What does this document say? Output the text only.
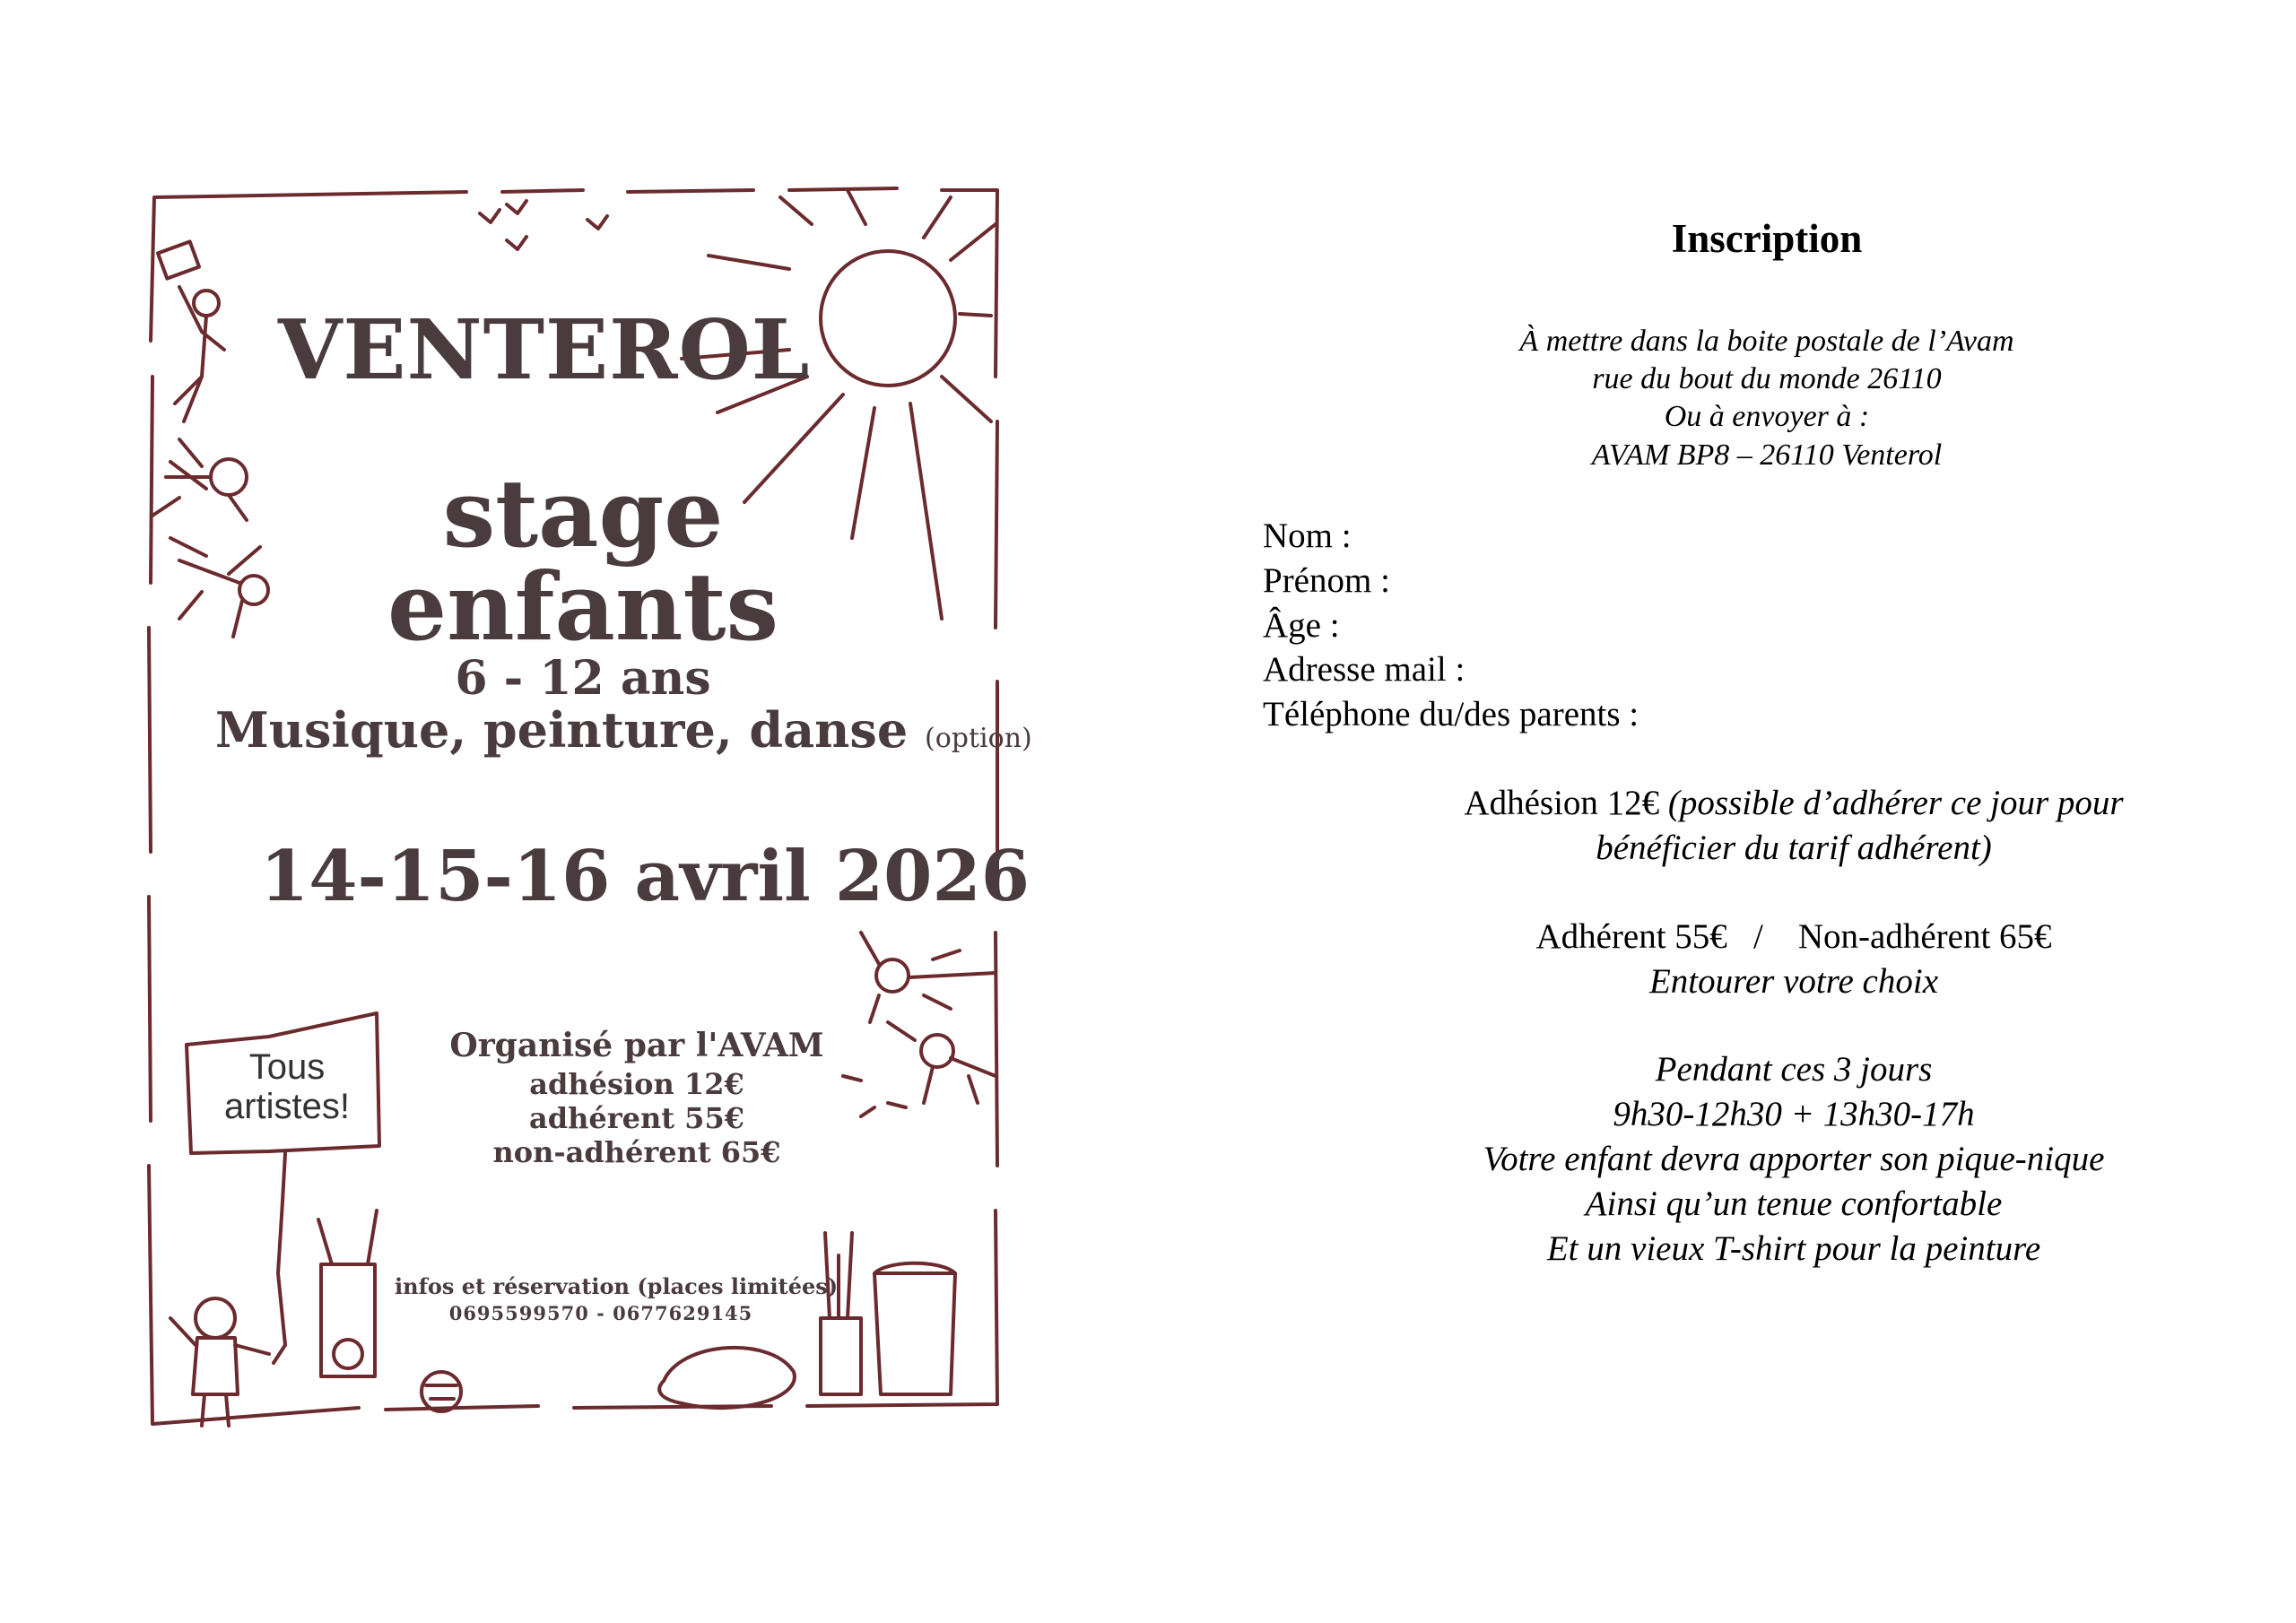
VENTEROL
stage
enfants
6 - 12 ans
Musique, peinture, danse (option)
14-15-16 avril 2026
Tous artistes!
Organisé par l'AVAM
adhésion 12€
adhérent 55€
non-adhérent 65€
infos et réservation (places limitées)
0695599570 - 0677629145
Inscription
À mettre dans la boite postale de l’Avam
rue du bout du monde 26110
Ou à envoyer à :
AVAM BP8 – 26110 Venterol
Nom :
Prénom :
Âge :
Adresse mail :
Téléphone du/des parents :
Adhésion 12€ (possible d’adhérer ce jour pour
bénéficier du tarif adhérent)
Adhérent 55€   /    Non-adhérent 65€
Entourer votre choix
Pendant ces 3 jours
9h30-12h30 + 13h30-17h
Votre enfant devra apporter son pique-nique
Ainsi qu’un tenue confortable
Et un vieux T-shirt pour la peinture
